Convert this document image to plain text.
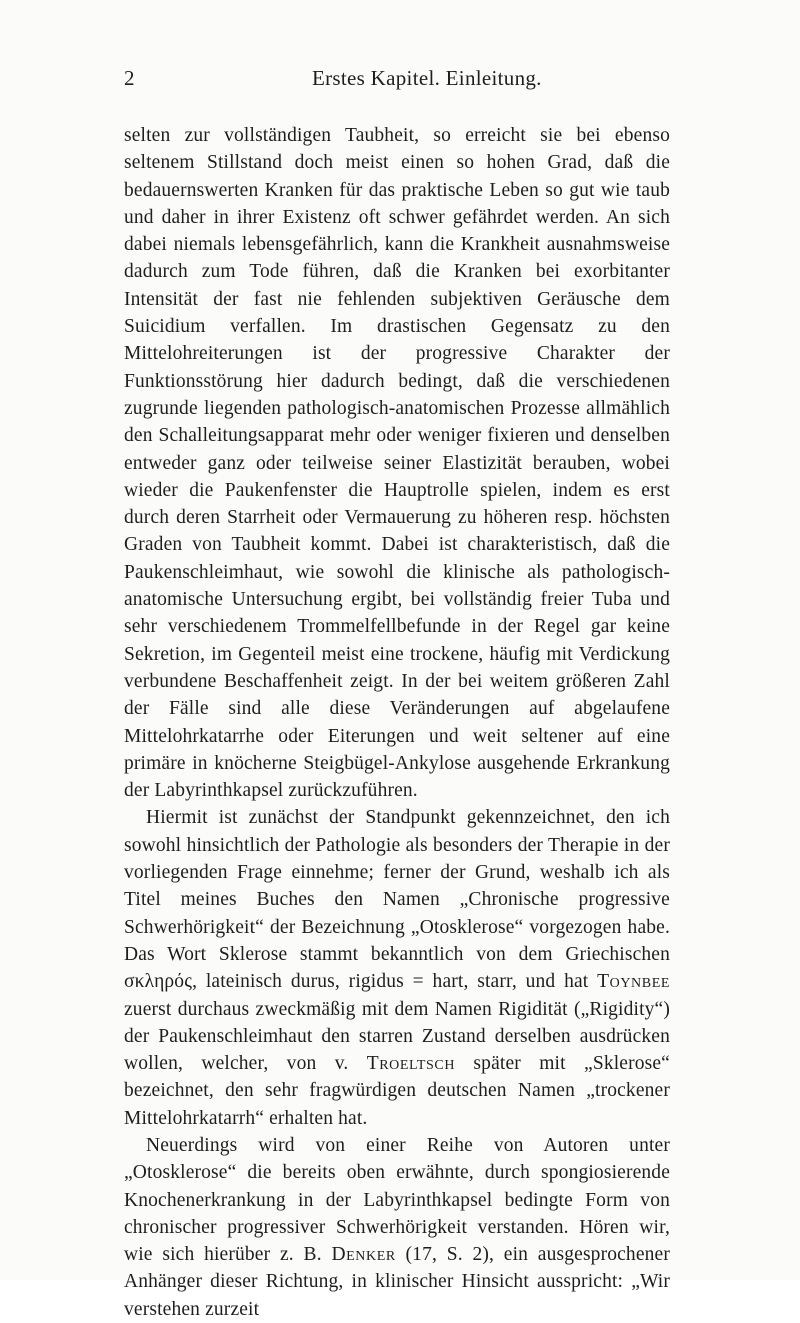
2	Erstes Kapitel. Einleitung.

selten zur vollständigen Taubheit, so erreicht sie bei ebenso seltenem Stillstand doch meist einen so hohen Grad, daß die bedauernswerten Kranken für das praktische Leben so gut wie taub und daher in ihrer Existenz oft schwer gefährdet werden. An sich dabei niemals lebensgefährlich, kann die Krankheit ausnahmsweise dadurch zum Tode führen, daß die Kranken bei exorbitanter Intensität der fast nie fehlenden subjektiven Geräusche dem Suicidium verfallen. Im drastischen Gegensatz zu den Mittelohreiterungen ist der progressive Charakter der Funktionsstörung hier dadurch bedingt, daß die verschiedenen zugrunde liegenden pathologisch-anatomischen Prozesse allmählich den Schalleitungsapparat mehr oder weniger fixieren und denselben entweder ganz oder teilweise seiner Elastizität berauben, wobei wieder die Paukenfenster die Hauptrolle spielen, indem es erst durch deren Starrheit oder Vermauerung zu höheren resp. höchsten Graden von Taubheit kommt. Dabei ist charakteristisch, daß die Paukenschleimhaut, wie sowohl die klinische als pathologisch-anatomische Untersuchung ergibt, bei vollständig freier Tuba und sehr verschiedenem Trommelfellbefunde in der Regel gar keine Sekretion, im Gegenteil meist eine trockene, häufig mit Verdickung verbundene Beschaffenheit zeigt. In der bei weitem größeren Zahl der Fälle sind alle diese Veränderungen auf abgelaufene Mittelohrkatarrhe oder Eiterungen und weit seltener auf eine primäre in knöcherne Steigbügel-Ankylose ausgehende Erkrankung der Labyrinthkapsel zurückzuführen.

Hiermit ist zunächst der Standpunkt gekennzeichnet, den ich sowohl hinsichtlich der Pathologie als besonders der Therapie in der vorliegenden Frage einnehme; ferner der Grund, weshalb ich als Titel meines Buches den Namen „Chronische progressive Schwerhörigkeit“ der Bezeichnung „Otosklerose“ vorgezogen habe. Das Wort Sklerose stammt bekanntlich von dem Griechischen σκληρός, lateinisch durus, rigidus = hart, starr, und hat Toynbee zuerst durchaus zweckmäßig mit dem Namen Rigidität („Rigidity“) der Paukenschleimhaut den starren Zustand derselben ausdrücken wollen, welcher, von v. Troeltsch später mit „Sklerose“ bezeichnet, den sehr fragwürdigen deutschen Namen „trockener Mittelohrkatarrh“ erhalten hat.

Neuerdings wird von einer Reihe von Autoren unter „Otosklerose“ die bereits oben erwähnte, durch spongiosierende Knochenerkrankung in der Labyrinthkapsel bedingte Form von chronischer progressiver Schwerhörigkeit verstanden. Hören wir, wie sich hierüber z. B. Denker (17, S. 2), ein ausgesprochener Anhänger dieser Richtung, in klinischer Hinsicht ausspricht: „Wir verstehen zurzeit
